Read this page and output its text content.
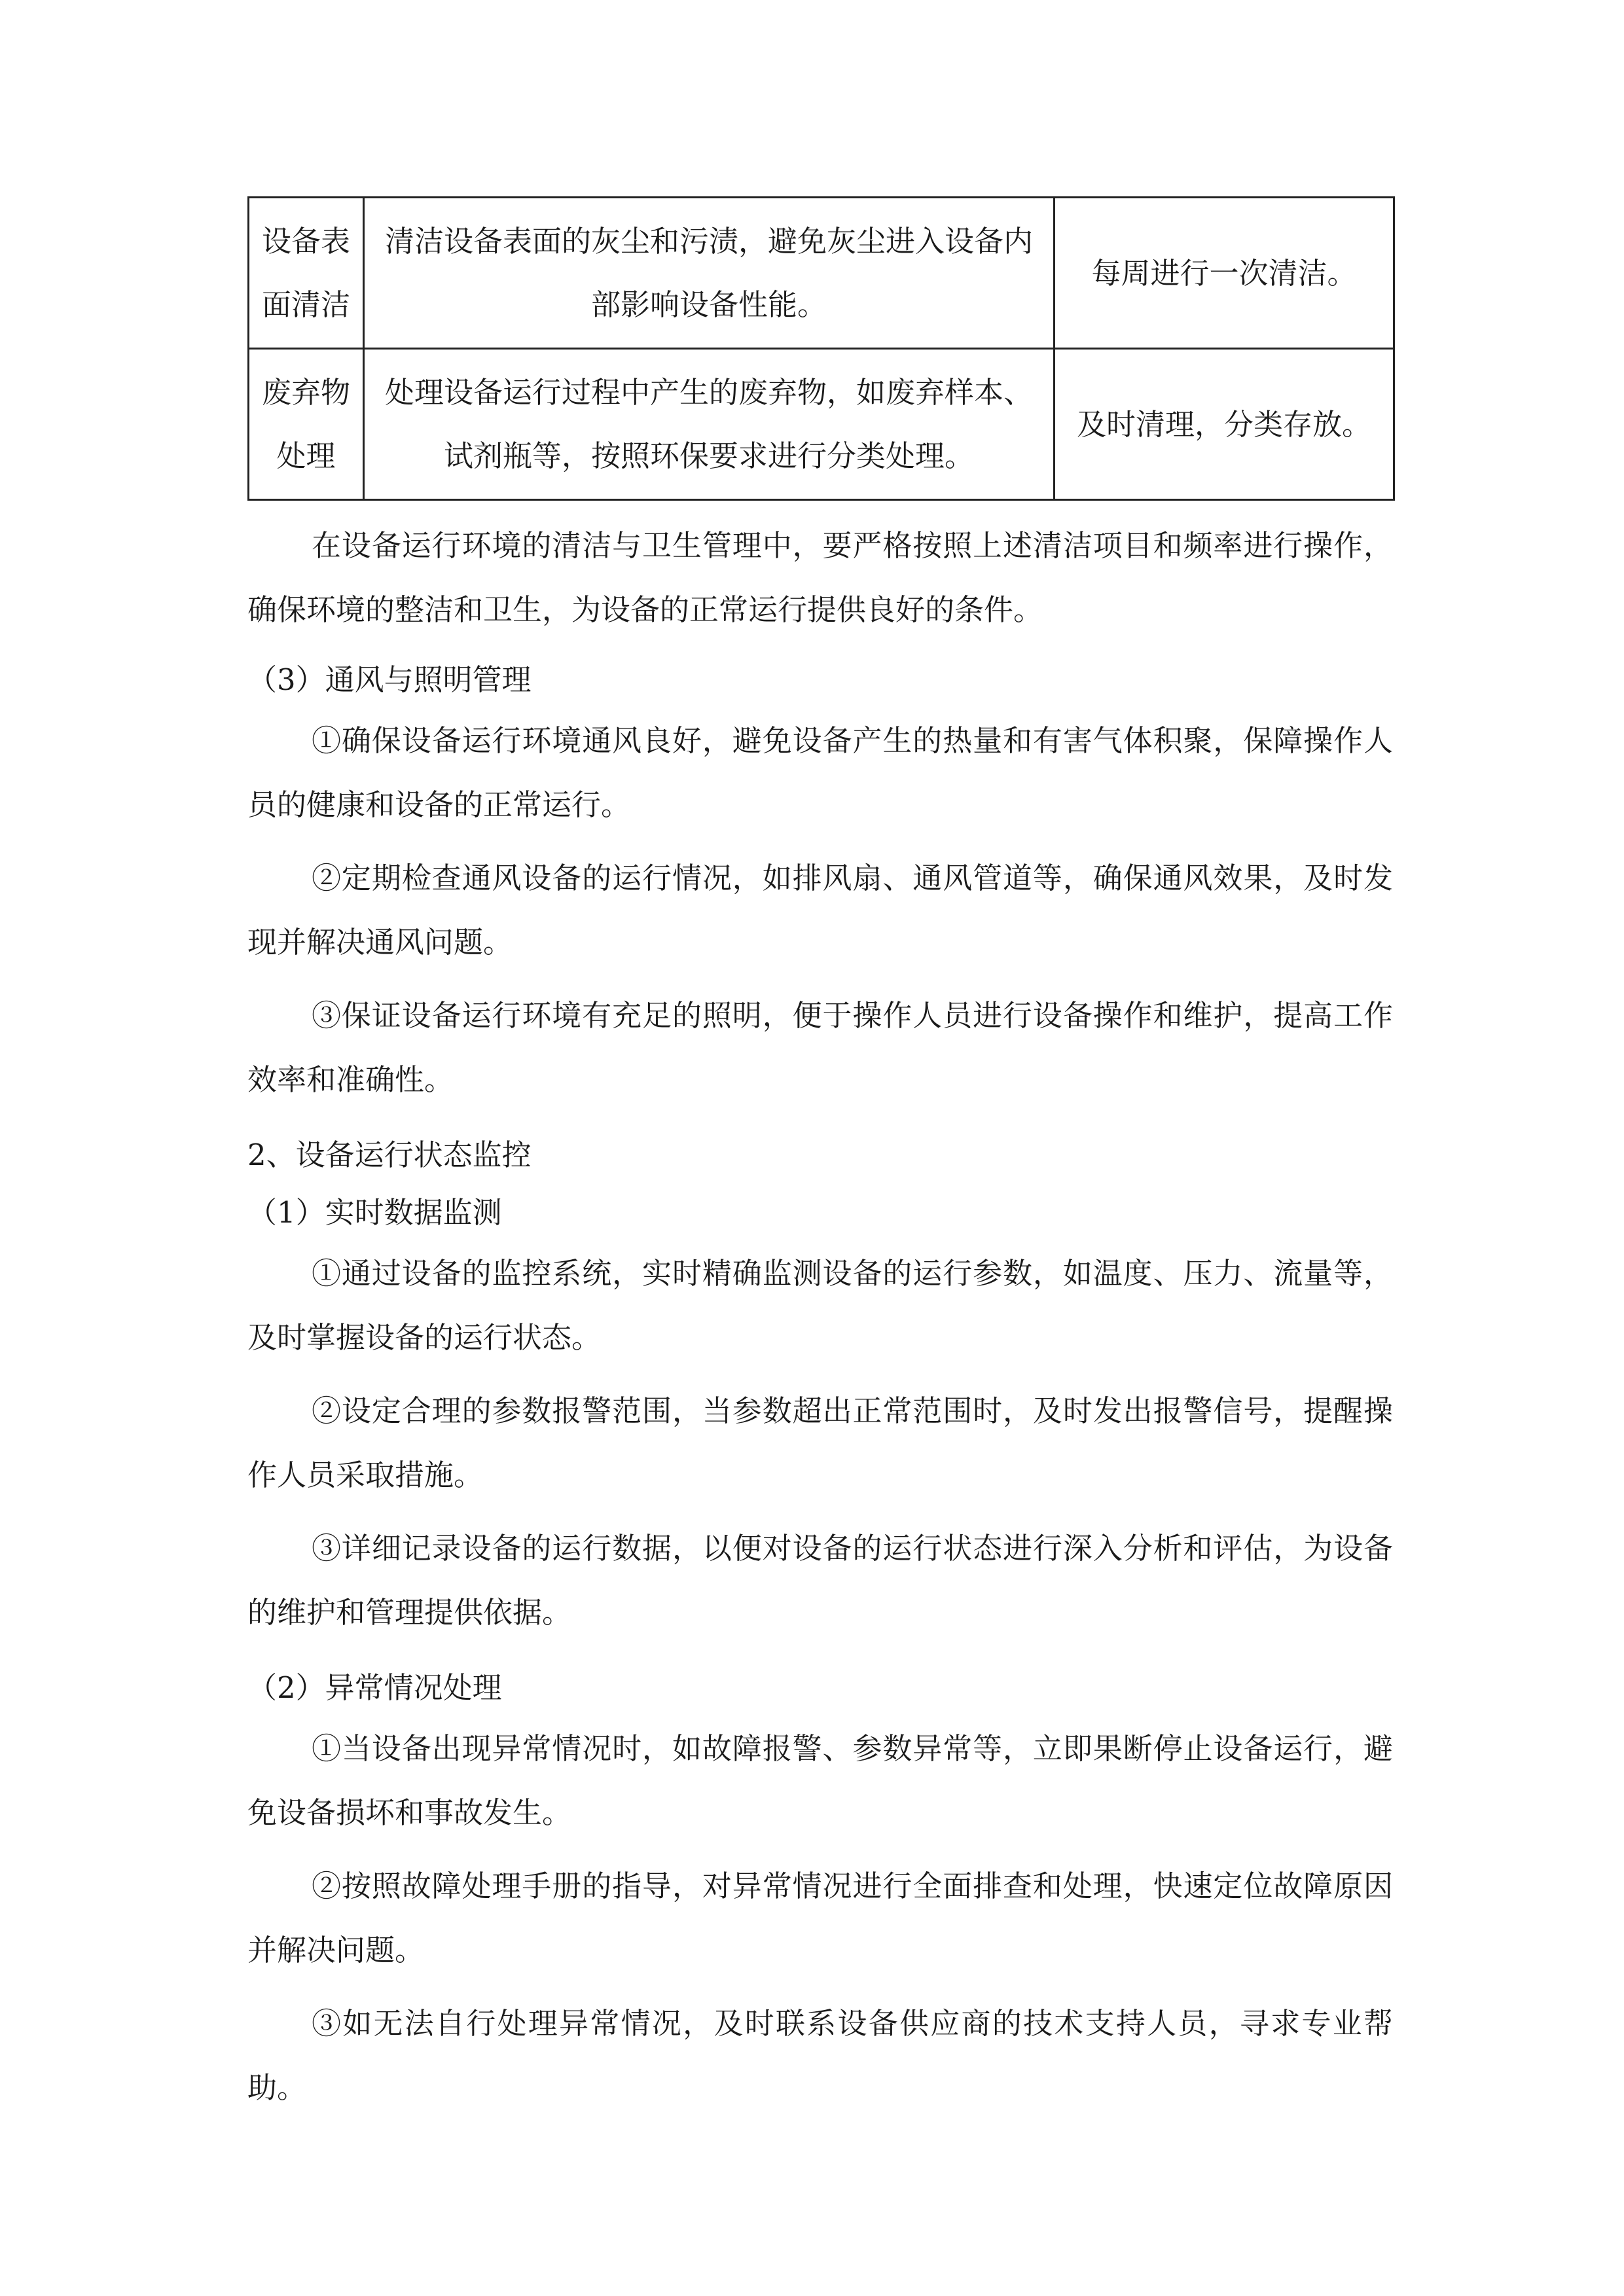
设备表面清洁	清洁设备表面的灰尘和污渍，避免灰尘进入设备内部影响设备性能。	每周进行一次清洁。

废弃物处理	处理设备运行过程中产生的废弃物，如废弃样本、试剂瓶等，按照环保要求进行分类处理。	及时清理，分类存放。

在设备运行环境的清洁与卫生管理中，要严格按照上述清洁项目和频率进行操作，确保环境的整洁和卫生，为设备的正常运行提供良好的条件。

（3）通风与照明管理

①确保设备运行环境通风良好，避免设备产生的热量和有害气体积聚，保障操作人员的健康和设备的正常运行。

②定期检查通风设备的运行情况，如排风扇、通风管道等，确保通风效果，及时发现并解决通风问题。

③保证设备运行环境有充足的照明，便于操作人员进行设备操作和维护，提高工作效率和准确性。

2、设备运行状态监控

（1）实时数据监测

①通过设备的监控系统，实时精确监测设备的运行参数，如温度、压力、流量等，及时掌握设备的运行状态。

②设定合理的参数报警范围，当参数超出正常范围时，及时发出报警信号，提醒操作人员采取措施。

③详细记录设备的运行数据，以便对设备的运行状态进行深入分析和评估，为设备的维护和管理提供依据。

（2）异常情况处理

①当设备出现异常情况时，如故障报警、参数异常等，立即果断停止设备运行，避免设备损坏和事故发生。

②按照故障处理手册的指导，对异常情况进行全面排查和处理，快速定位故障原因并解决问题。

③如无法自行处理异常情况，及时联系设备供应商的技术支持人员，寻求专业帮助。
